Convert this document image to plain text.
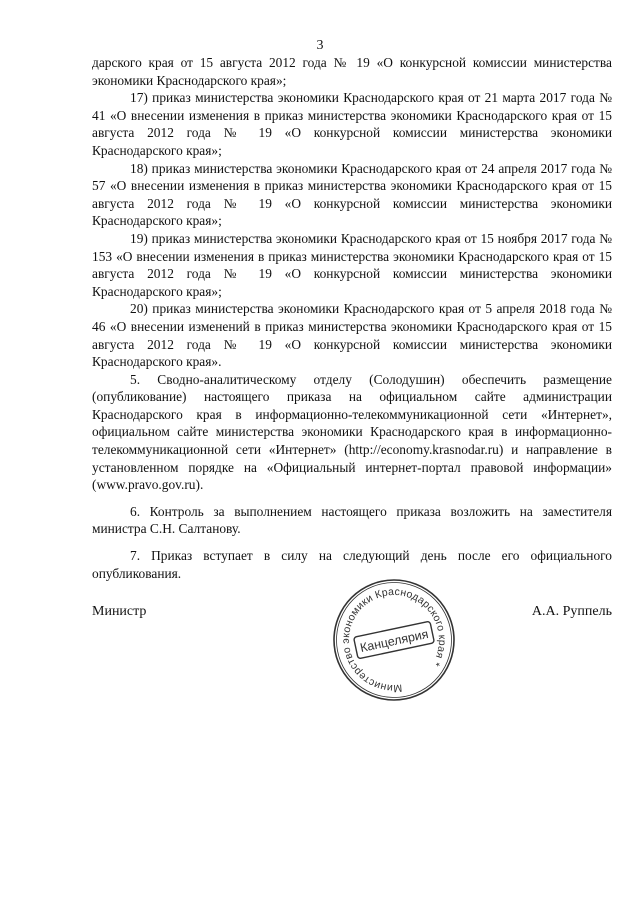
3

дарского края от 15 августа 2012 года № 19 «О конкурсной комиссии министерства экономики Краснодарского края»;

17) приказ министерства экономики Краснодарского края от 21 марта 2017 года № 41 «О внесении изменения в приказ министерства экономики Краснодарского края от 15 августа 2012 года № 19 «О конкурсной комиссии министерства экономики Краснодарского края»;

18) приказ министерства экономики Краснодарского края от 24 апреля 2017 года № 57 «О внесении изменения в приказ министерства экономики Краснодарского края от 15 августа 2012 года № 19 «О конкурсной комиссии министерства экономики Краснодарского края»;

19) приказ министерства экономики Краснодарского края от 15 ноября 2017 года № 153 «О внесении изменения в приказ министерства экономики Краснодарского края от 15 августа 2012 года № 19 «О конкурсной комиссии министерства экономики Краснодарского края»;

20) приказ министерства экономики Краснодарского края от 5 апреля 2018 года № 46 «О внесении изменений в приказ министерства экономики Краснодарского края от 15 августа 2012 года № 19 «О конкурсной комиссии министерства экономики Краснодарского края».

5. Сводно-аналитическому отделу (Солодушин) обеспечить размещение (опубликование) настоящего приказа на официальном сайте администрации Краснодарского края в информационно-телекоммуникационной сети «Интернет», официальном сайте министерства экономики Краснодарского края в информационно-телекоммуникационной сети «Интернет» (http://economy.krasnodar.ru) и направление в установленном порядке на «Официальный интернет-портал правовой информации» (www.pravo.gov.ru).

6. Контроль за выполнением настоящего приказа возложить на заместителя министра С.Н. Салтанову.

7. Приказ вступает в силу на следующий день после его официального опубликования.

Министр	А.А. Руппель
Министерство экономики Краснодарского края *
Канцелярия
